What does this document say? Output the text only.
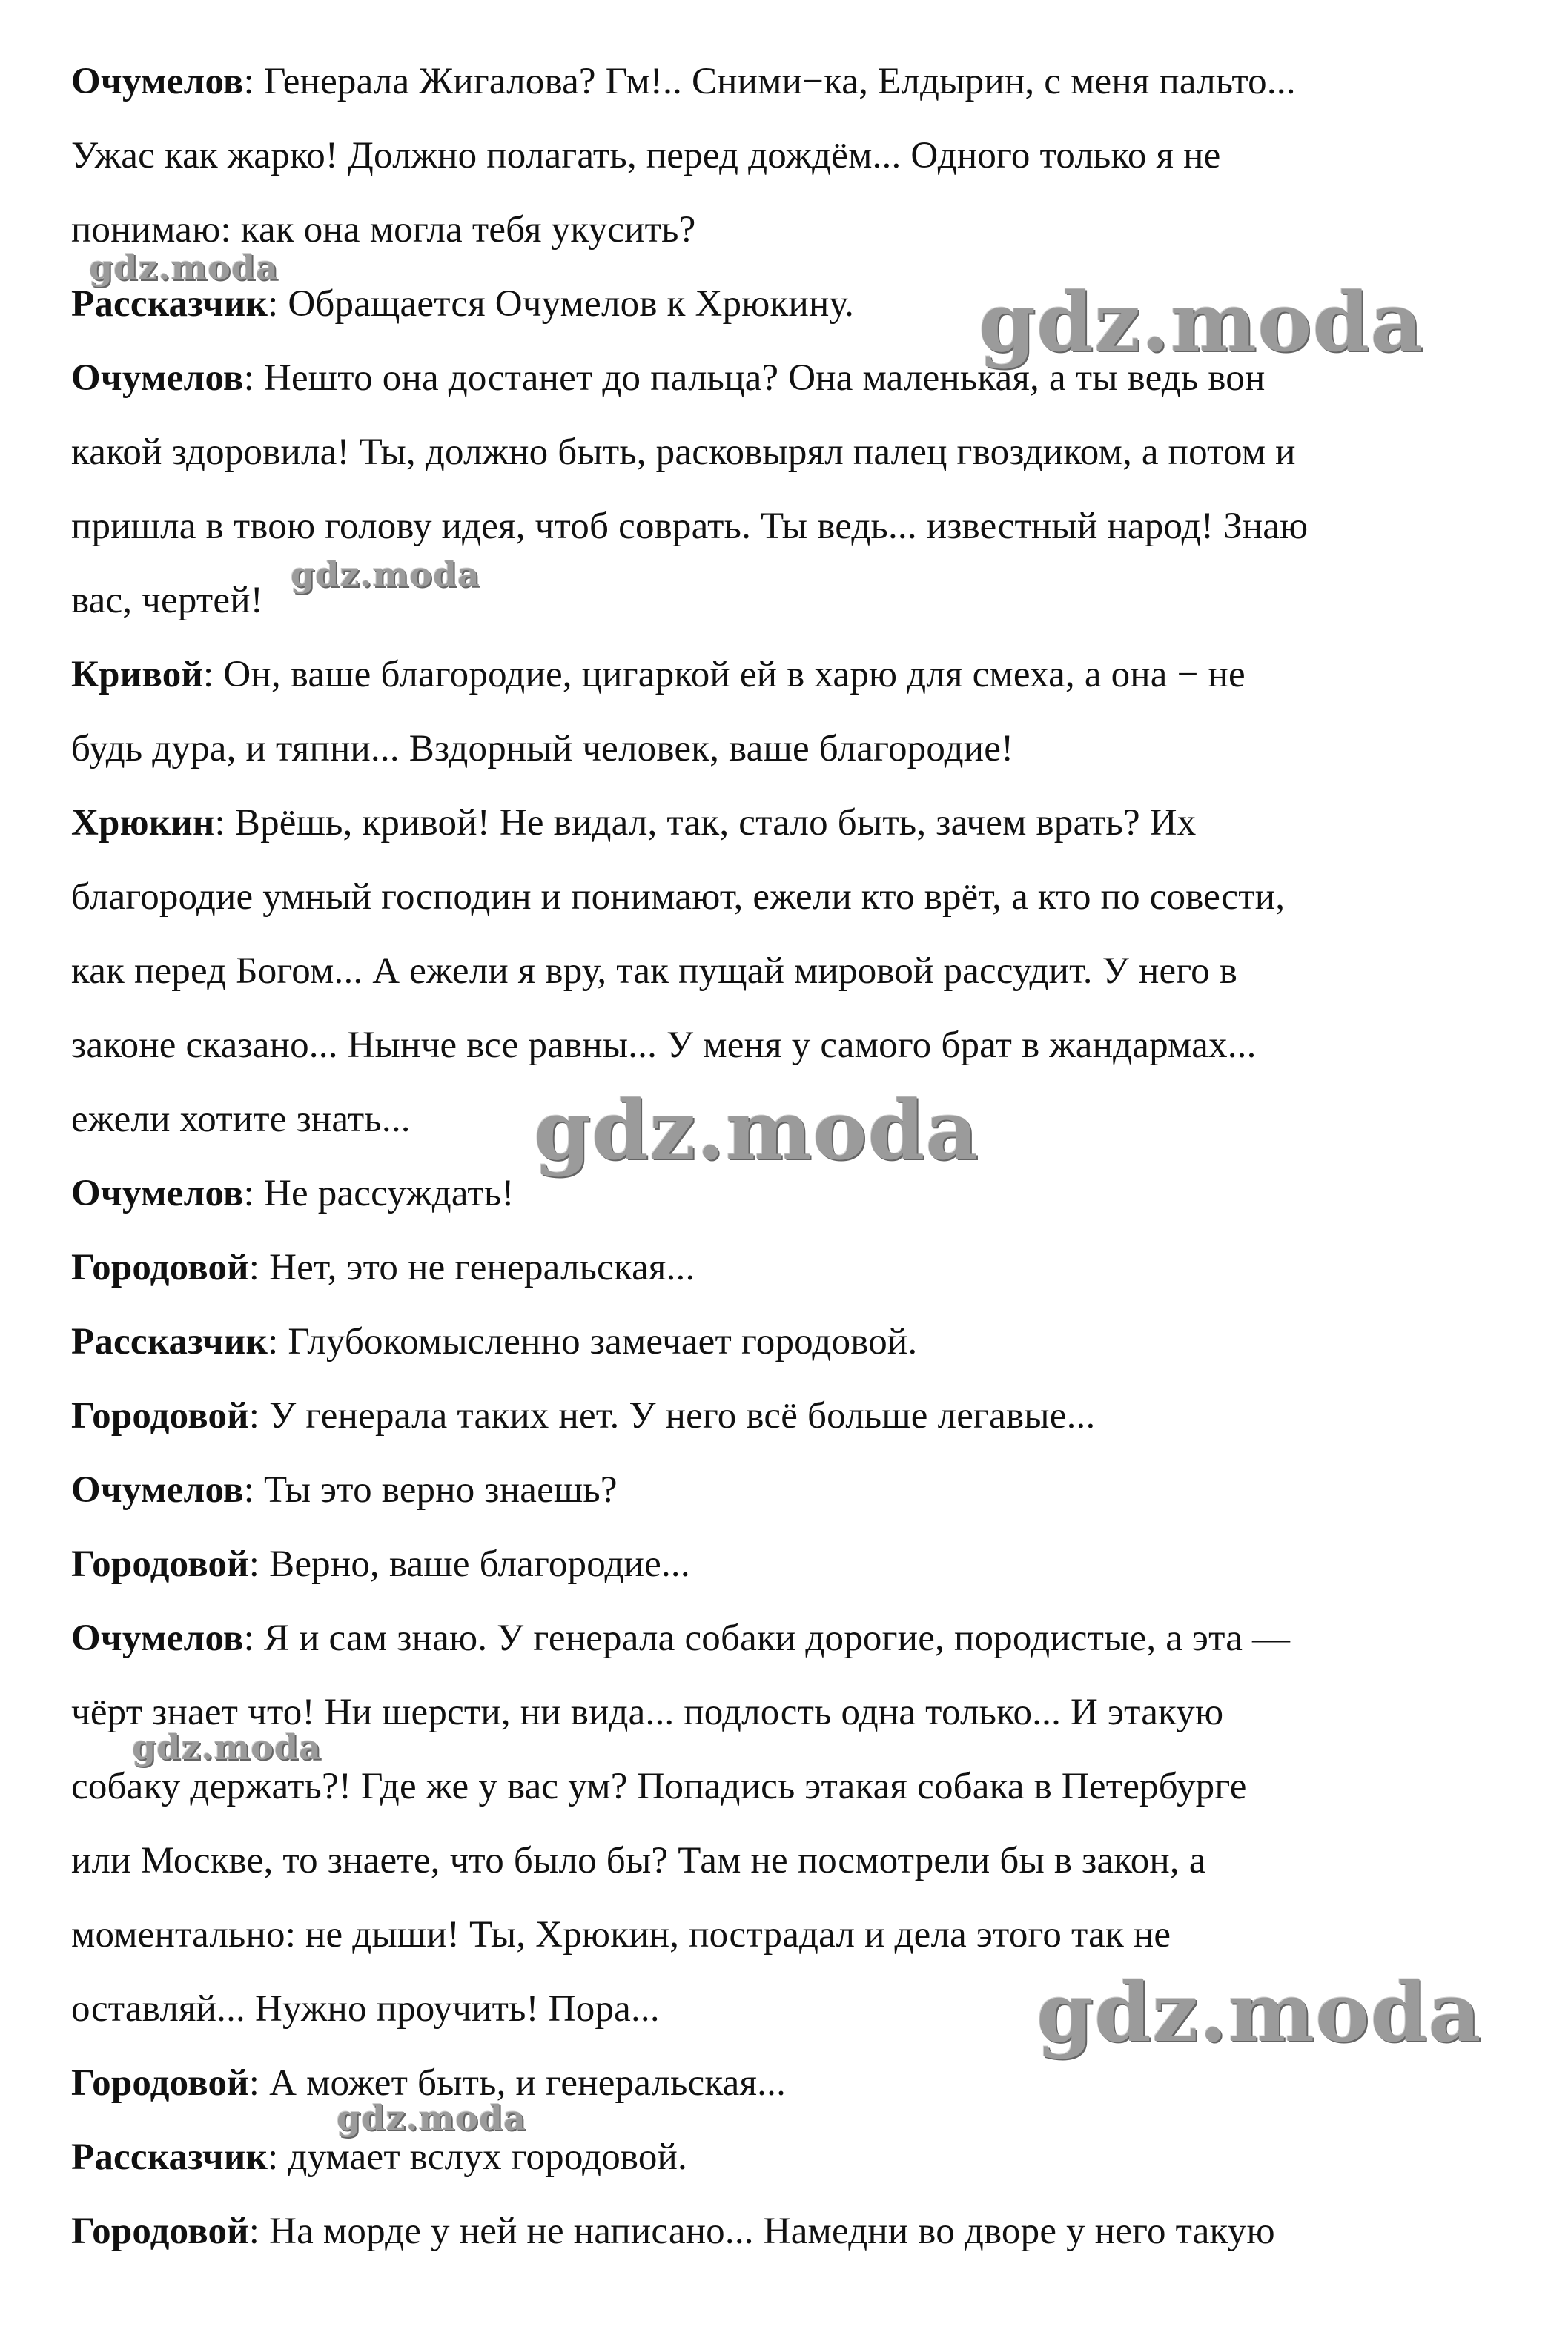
Очумелов: Генерала Жигалова? Гм!.. Сними−ка, Елдырин, с меня пальто...
Ужас как жарко! Должно полагать, перед дождём... Одного только я не
понимаю: как она могла тебя укусить?
Рассказчик: Обращается Очумелов к Хрюкину.
Очумелов: Нешто она достанет до пальца? Она маленькая, а ты ведь вон
какой здоровила! Ты, должно быть, расковырял палец гвоздиком, а потом и
пришла в твою голову идея, чтоб соврать. Ты ведь... известный народ! Знаю
вас, чертей!
Кривой: Он, ваше благородие, цигаркой ей в харю для смеха, а она − не
будь дура, и тяпни... Вздорный человек, ваше благородие!
Хрюкин: Врёшь, кривой! Не видал, так, стало быть, зачем врать? Их
благородие умный господин и понимают, ежели кто врёт, а кто по совести,
как перед Богом... А ежели я вру, так пущай мировой рассудит. У него в
законе сказано... Нынче все равны... У меня у самого брат в жандармах...
ежели хотите знать...
Очумелов: Не рассуждать!
Городовой: Нет, это не генеральская...
Рассказчик: Глубокомысленно замечает городовой.
Городовой: У генерала таких нет. У него всё больше легавые...
Очумелов: Ты это верно знаешь?
Городовой: Верно, ваше благородие...
Очумелов: Я и сам знаю. У генерала собаки дорогие, породистые, а эта —
чёрт знает что! Ни шерсти, ни вида... подлость одна только... И этакую
собаку держать?! Где же у вас ум? Попадись этакая собака в Петербурге
или Москве, то знаете, что было бы? Там не посмотрели бы в закон, а
моментально: не дыши! Ты, Хрюкин, пострадал и дела этого так не
оставляй... Нужно проучить! Пора...
Городовой: А может быть, и генеральская...
Рассказчик: думает вслух городовой.
Городовой: На морде у ней не написано... Намедни во дворе у него такую
gdz.moda
gdz.moda
gdz.moda
gdz.moda
gdz.moda
gdz.moda
gdz.moda
